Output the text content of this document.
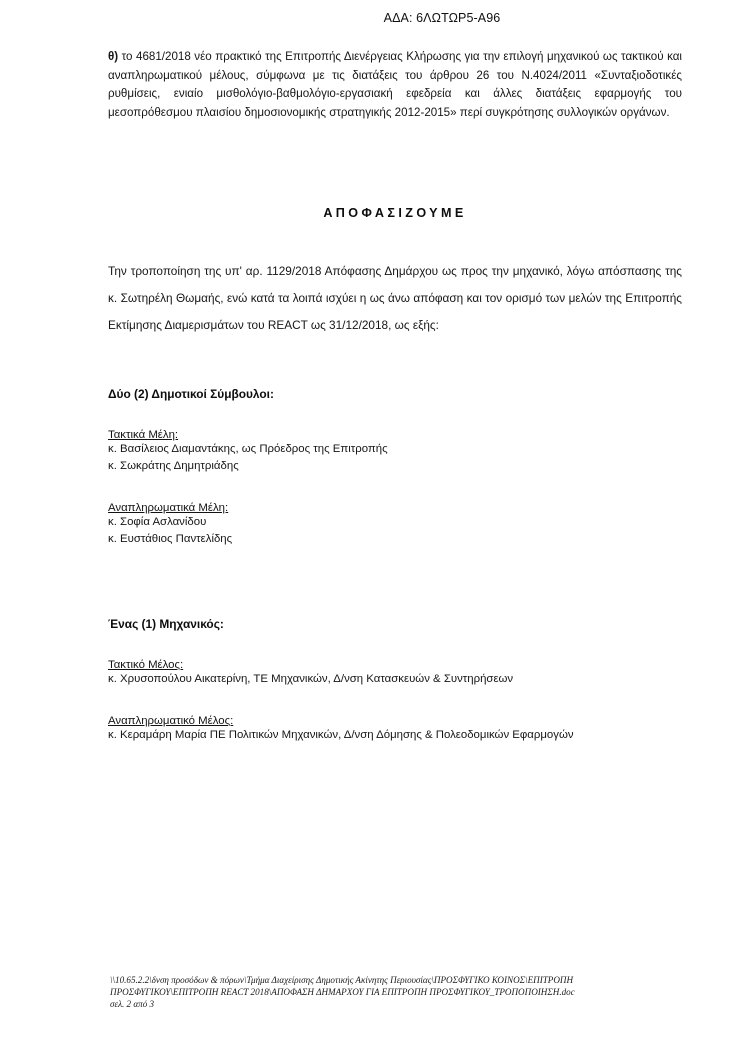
ΑΔΑ: 6ΛΩΤΩΡ5-Α96

θ) το 4681/2018 νέο πρακτικό της Επιτροπής Διενέργειας Κλήρωσης για την επιλογή μηχανικού ως τακτικού και αναπληρωματικού μέλους, σύμφωνα με τις διατάξεις του άρθρου 26 του Ν.4024/2011 «Συνταξιοδοτικές ρυθμίσεις, ενιαίο μισθολόγιο-βαθμολόγιο-εργασιακή εφεδρεία και άλλες διατάξεις εφαρμογής του μεσοπρόθεσμου πλαισίου δημοσιονομικής στρατηγικής 2012-2015» περί συγκρότησης συλλογικών οργάνων.

ΑΠΟΦΑΣΙΖΟΥΜΕ

Την τροποποίηση της υπ' αρ. 1129/2018 Απόφασης Δημάρχου ως προς την μηχανικό, λόγω απόσπασης της κ. Σωτηρέλη Θωμαής, ενώ κατά τα λοιπά ισχύει η ως άνω απόφαση και τον ορισμό των μελών της Επιτροπής Εκτίμησης Διαμερισμάτων του REACT ως 31/12/2018, ως εξής:

Δύο (2) Δημοτικοί Σύμβουλοι:

Τακτικά Μέλη:

κ. Βασίλειος Διαμαντάκης, ως Πρόεδρος της Επιτροπής

κ. Σωκράτης Δημητριάδης

Αναπληρωματικά Μέλη:

κ. Σοφία Ασλανίδου

κ. Ευστάθιος Παντελίδης

Ένας (1) Μηχανικός:

Τακτικό Μέλος:

κ. Χρυσοπούλου Αικατερίνη, ΤΕ Μηχανικών, Δ/νση Κατασκευών & Συντηρήσεων

Αναπληρωματικό Μέλος:

κ. Κεραμάρη Μαρία ΠΕ Πολιτικών Μηχανικών, Δ/νση Δόμησης & Πολεοδομικών Εφαρμογών

\\10.65.2.2\δνση προσόδων & πόρων\Τμήμα Διαχείρισης Δημοτικής Ακίνητης Περιουσίας\ΠΡΟΣΦΥΓΙΚΟ ΚΟΙΝΟΣ\ΕΠΙΤΡΟΠΗ
ΠΡΟΣΦΥΓΙΚΟΥ\ΕΠΙΤΡΟΠΗ REACT 2018\ΑΠΟΦΑΣΗ ΔΗΜΑΡΧΟΥ ΓΙΑ ΕΠΙΤΡΟΠΗ ΠΡΟΣΦΥΓΙΚΟΥ_ΤΡΟΠΟΠΟΙΗΣΗ.doc
σελ. 2 από 3
